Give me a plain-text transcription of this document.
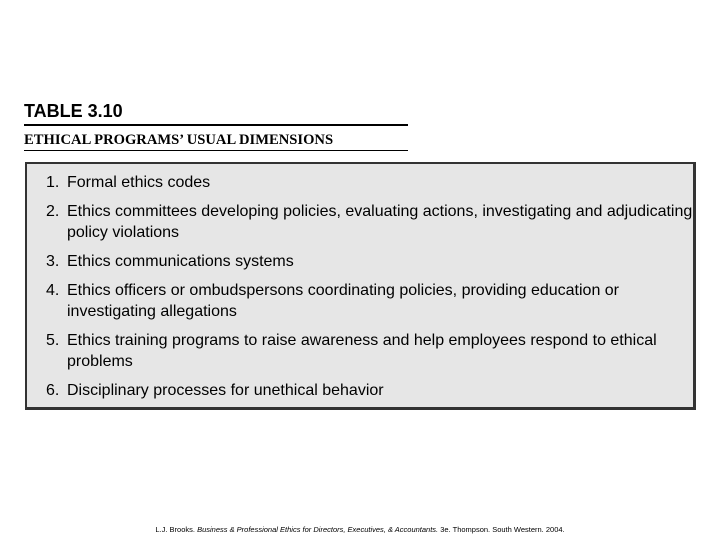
TABLE 3.10
ETHICAL PROGRAMS’ USUAL DIMENSIONS
1. Formal ethics codes
2. Ethics committees developing policies, evaluating actions, investigating and adjudicating policy violations
3. Ethics communications systems
4. Ethics officers or ombudspersons coordinating policies, providing education or investigating allegations
5. Ethics training programs to raise awareness and help employees respond to ethical problems
6. Disciplinary processes for unethical behavior
L.J. Brooks. Business & Professional Ethics for Directors, Executives, & Accountants. 3e. Thompson. South Western. 2004.
